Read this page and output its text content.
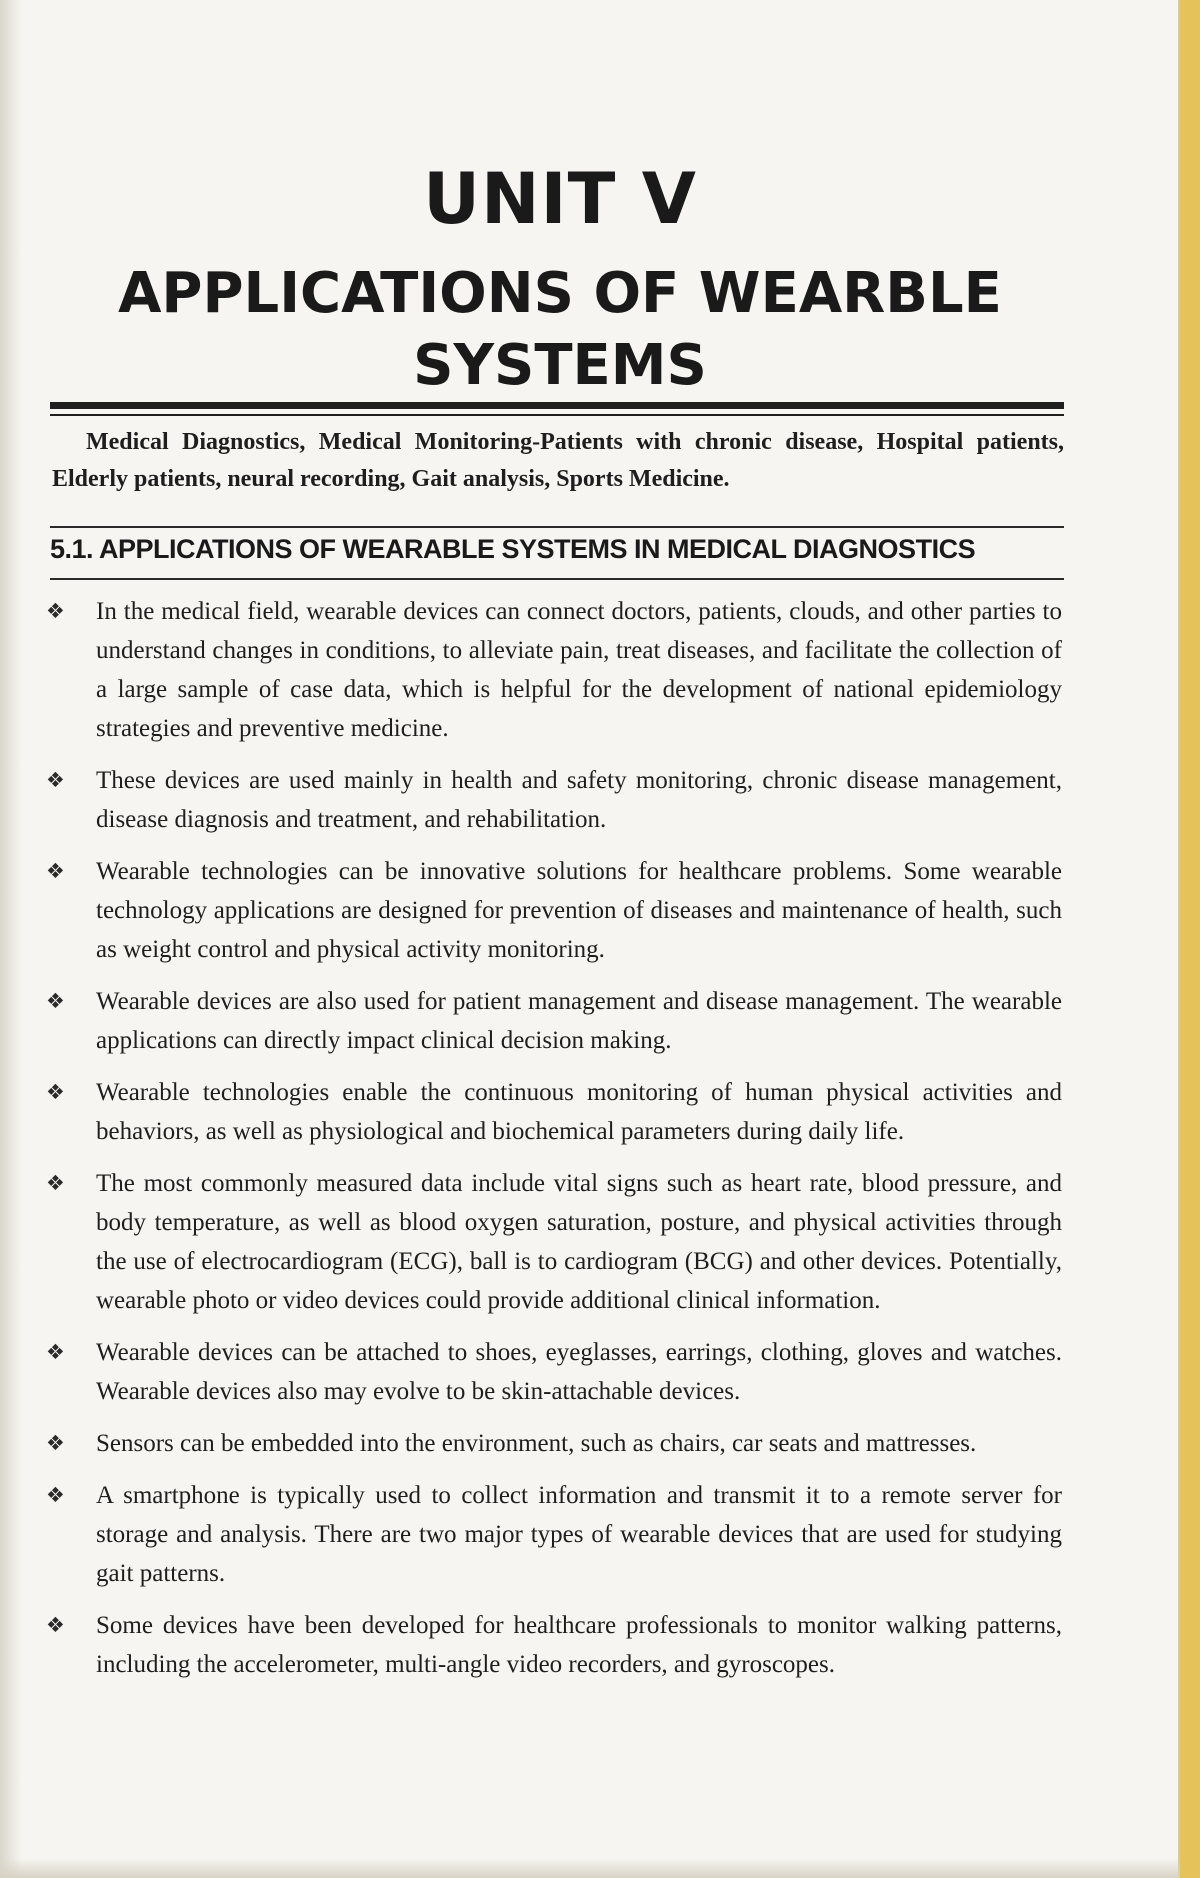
UNIT V
APPLICATIONS OF WEARBLE SYSTEMS
Medical Diagnostics, Medical Monitoring-Patients with chronic disease, Hospital patients, Elderly patients, neural recording, Gait analysis, Sports Medicine.
5.1. APPLICATIONS OF WEARABLE SYSTEMS IN MEDICAL DIAGNOSTICS
❖	In the medical field, wearable devices can connect doctors, patients, clouds, and other parties to understand changes in conditions, to alleviate pain, treat diseases, and facilitate the collection of a large sample of case data, which is helpful for the development of national epidemiology strategies and preventive medicine.
❖	These devices are used mainly in health and safety monitoring, chronic disease management, disease diagnosis and treatment, and rehabilitation.
❖	Wearable technologies can be innovative solutions for healthcare problems. Some wearable technology applications are designed for prevention of diseases and maintenance of health, such as weight control and physical activity monitoring.
❖	Wearable devices are also used for patient management and disease management. The wearable applications can directly impact clinical decision making.
❖	Wearable technologies enable the continuous monitoring of human physical activities and behaviors, as well as physiological and biochemical parameters during daily life.
❖	The most commonly measured data include vital signs such as heart rate, blood pressure, and body temperature, as well as blood oxygen saturation, posture, and physical activities through the use of electrocardiogram (ECG), ball is to cardiogram (BCG) and other devices. Potentially, wearable photo or video devices could provide additional clinical information.
❖	Wearable devices can be attached to shoes, eyeglasses, earrings, clothing, gloves and watches. Wearable devices also may evolve to be skin-attachable devices.
❖	Sensors can be embedded into the environment, such as chairs, car seats and mattresses.
❖	A smartphone is typically used to collect information and transmit it to a remote server for storage and analysis. There are two major types of wearable devices that are used for studying gait patterns.
❖	Some devices have been developed for healthcare professionals to monitor walking patterns, including the accelerometer, multi-angle video recorders, and gyroscopes.
